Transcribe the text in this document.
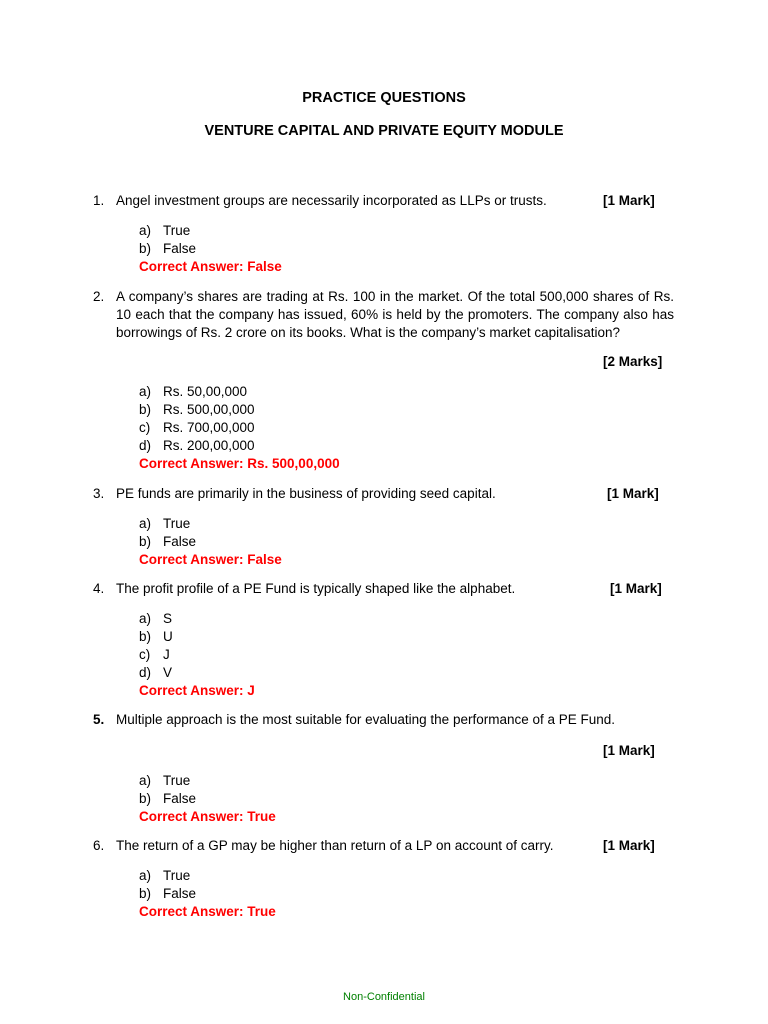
PRACTICE QUESTIONS
VENTURE CAPITAL AND PRIVATE EQUITY MODULE
1. Angel investment groups are necessarily incorporated as LLPs or trusts.	[1 Mark]
a) True
b) False
Correct Answer: False
2. A company’s shares are trading at Rs. 100 in the market. Of the total 500,000 shares of Rs. 10 each that the company has issued, 60% is held by the promoters. The company also has borrowings of Rs. 2 crore on its books. What is the company’s market capitalisation?
[2 Marks]
a) Rs. 50,00,000
b) Rs. 500,00,000
c) Rs. 700,00,000
d) Rs. 200,00,000
Correct Answer: Rs. 500,00,000
3. PE funds are primarily in the business of providing seed capital.	[1 Mark]
a) True
b) False
Correct Answer: False
4. The profit profile of a PE Fund is typically shaped like the alphabet.	[1 Mark]
a) S
b) U
c) J
d) V
Correct Answer: J
5. Multiple approach is the most suitable for evaluating the performance of a PE Fund.
[1 Mark]
a) True
b) False
Correct Answer: True
6. The return of a GP may be higher than return of a LP on account of carry.	[1 Mark]
a) True
b) False
Correct Answer: True
Non-Confidential
